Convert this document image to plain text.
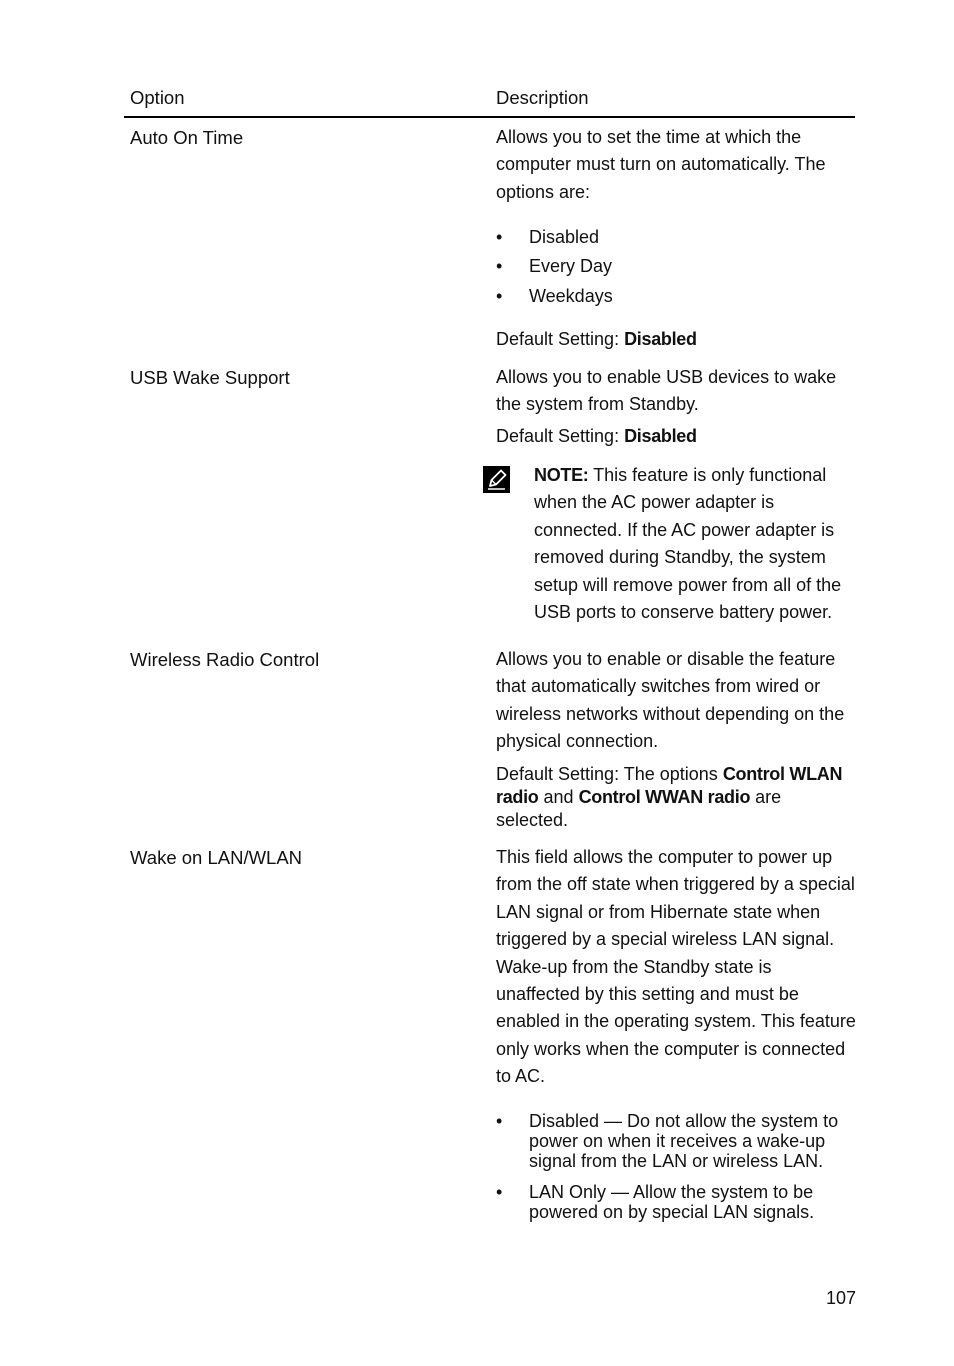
Option	Description
Auto On Time	Allows you to set the time at which the computer must turn on automatically. The options are:

• Disabled
• Every Day
• Weekdays
Default Setting: Disabled
USB Wake Support	Allows you to enable USB devices to wake the system from Standby.

Default Setting: Disabled
NOTE: This feature is only functional when the AC power adapter is connected. If the AC power adapter is removed during Standby, the system setup will remove power from all of the USB ports to conserve battery power.
Wireless Radio Control	Allows you to enable or disable the feature that automatically switches from wired or wireless networks without depending on the physical connection.

Default Setting: The options Control WLAN radio and Control WWAN radio are selected.
Wake on LAN/WLAN	This field allows the computer to power up from the off state when triggered by a special LAN signal or from Hibernate state when triggered by a special wireless LAN signal. Wake-up from the Standby state is unaffected by this setting and must be enabled in the operating system. This feature only works when the computer is connected to AC.

• Disabled — Do not allow the system to power on when it receives a wake-up signal from the LAN or wireless LAN.
• LAN Only — Allow the system to be powered on by special LAN signals.
107
